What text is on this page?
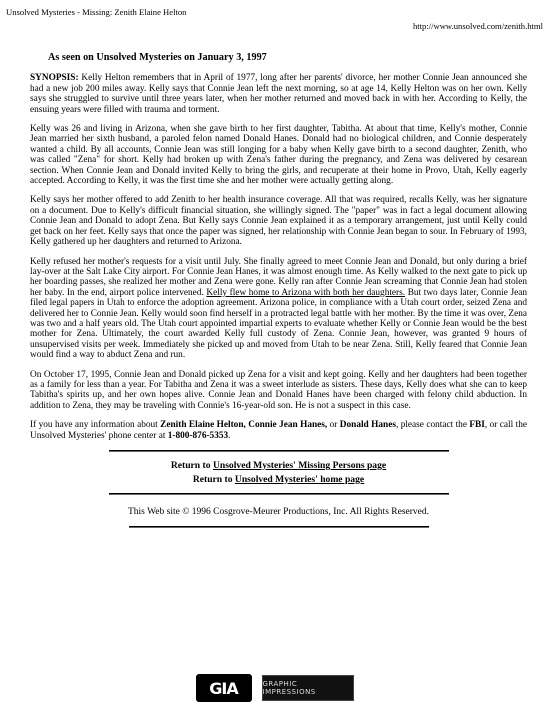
Unsolved Mysteries - Missing: Zenith Elaine Helton
http://www.unsolved.com/zenith.html

As seen on Unsolved Mysteries on January 3, 1997

SYNOPSIS: Kelly Helton remembers that in April of 1977, long after her parents' divorce, her mother Connie Jean announced she had a new job 200 miles away. Kelly says that Connie Jean left the next morning, so at age 14, Kelly Helton was on her own. Kelly says she struggled to survive until three years later, when her mother returned and moved back in with her. According to Kelly, the ensuing years were filled with trauma and torment.

Kelly was 26 and living in Arizona, when she gave birth to her first daughter, Tabitha. At about that time, Kelly's mother, Connie Jean married her sixth husband, a paroled felon named Donald Hanes. Donald had no biological children, and Connie desperately wanted a child. By all accounts, Connie Jean was still longing for a baby when Kelly gave birth to a second daughter, Zenith, who was called "Zena" for short. Kelly had broken up with Zena's father during the pregnancy, and Zena was delivered by cesarean section. When Connie Jean and Donald invited Kelly to bring the girls, and recuperate at their home in Provo, Utah, Kelly eagerly accepted. According to Kelly, it was the first time she and her mother were actually getting along.

Kelly says her mother offered to add Zenith to her health insurance coverage. All that was required, recalls Kelly, was her signature on a document. Due to Kelly's difficult financial situation, she willingly signed. The "paper" was in fact a legal document allowing Connie Jean and Donald to adopt Zena. But Kelly says Connie Jean explained it as a temporary arrangement, just until Kelly could get back on her feet. Kelly says that once the paper was signed, her relationship with Connie Jean began to sour. In February of 1993, Kelly gathered up her daughters and returned to Arizona.

Kelly refused her mother's requests for a visit until July. She finally agreed to meet Connie Jean and Donald, but only during a brief lay-over at the Salt Lake City airport. For Connie Jean Hanes, it was almost enough time. As Kelly walked to the next gate to pick up her boarding passes, she realized her mother and Zena were gone. Kelly ran after Connie Jean screaming that Connie Jean had stolen her baby. In the end, airport police intervened. Kelly flew home to Arizona with both her daughters. But two days later, Connie Jean filed legal papers in Utah to enforce the adoption agreement. Arizona police, in compliance with a Utah court order, seized Zena and delivered her to Connie Jean. Kelly would soon find herself in a protracted legal battle with her mother. By the time it was over, Zena was two and a half years old. The Utah court appointed impartial experts to evaluate whether Kelly or Connie Jean would be the best mother for Zena. Ultimately, the court awarded Kelly full custody of Zena. Connie Jean, however, was granted 9 hours of unsupervised visits per week. Immediately she picked up and moved from Utah to be near Zena. Still, Kelly feared that Connie Jean would find a way to abduct Zena and run.

On October 17, 1995, Connie Jean and Donald picked up Zena for a visit and kept going. Kelly and her daughters had been together as a family for less than a year. For Tabitha and Zena it was a sweet interlude as sisters. These days, Kelly does what she can to keep Tabitha's spirits up, and her own hopes alive. Connie Jean and Donald Hanes have been charged with felony child abduction. In addition to Zena, they may be traveling with Connie's 16-year-old son. He is not a suspect in this case.

If you have any information about Zenith Elaine Helton, Connie Jean Hanes, or Donald Hanes, please contact the FBI, or call the Unsolved Mysteries' phone center at 1-800-876-5353.

Return to Unsolved Mysteries' Missing Persons page
Return to Unsolved Mysteries' home page
This Web site © 1996 Cosgrove-Meurer Productions, Inc. All Rights Reserved.
GIA	GRAPHIC IMPRESSIONS
